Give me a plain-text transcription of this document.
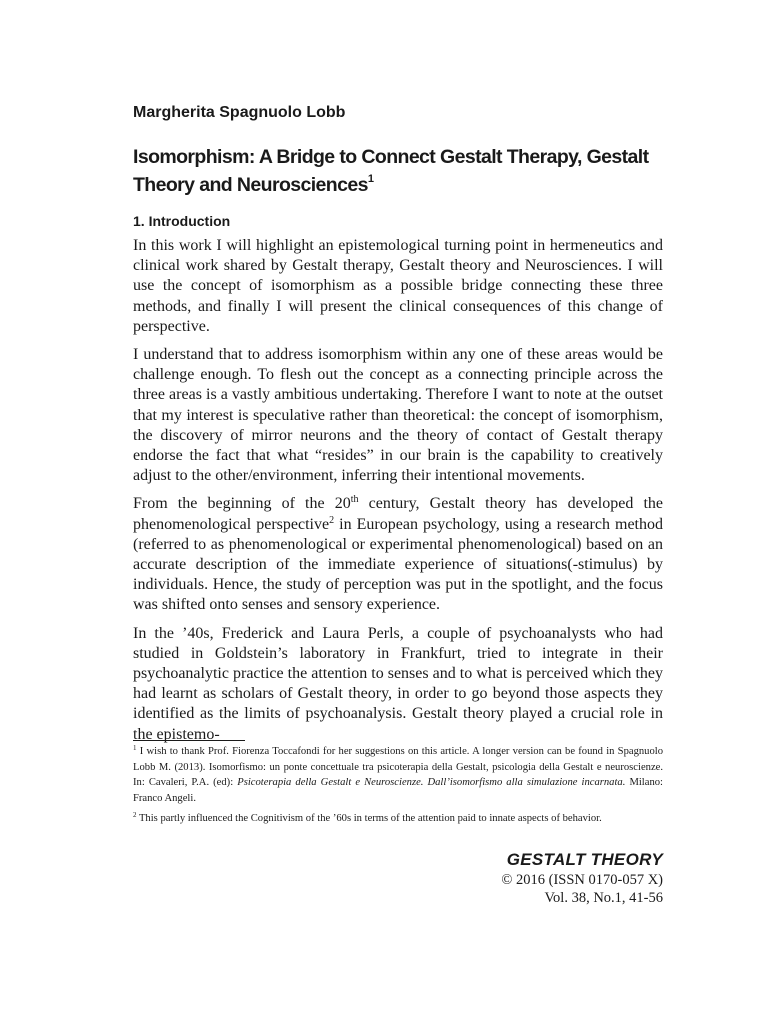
Margherita Spagnuolo Lobb
Isomorphism: A Bridge to Connect Gestalt Therapy, Gestalt Theory and Neurosciences$^1$
1. Introduction

In this work I will highlight an epistemological turning point in hermeneutics and clinical work shared by Gestalt therapy, Gestalt theory and Neurosciences. I will use the concept of isomorphism as a possible bridge connecting these three methods, and finally I will present the clinical consequences of this change of perspective.

I understand that to address isomorphism within any one of these areas would be challenge enough. To flesh out the concept as a connecting principle across the three areas is a vastly ambitious undertaking. Therefore I want to note at the outset that my interest is speculative rather than theoretical: the concept of isomorphism, the discovery of mirror neurons and the theory of contact of Gestalt therapy endorse the fact that what “resides” in our brain is the capability to creatively adjust to the other/environment, inferring their intentional movements.

From the beginning of the 20th century, Gestalt theory has developed the phenomenological perspective$^2$ in European psychology, using a research method (referred to as phenomenological or experimental phenomenological) based on an accurate description of the immediate experience of situations(-stimulus) by individuals. Hence, the study of perception was put in the spotlight, and the focus was shifted onto senses and sensory experience.

In the ’40s, Frederick and Laura Perls, a couple of psychoanalysts who had studied in Goldstein’s laboratory in Frankfurt, tried to integrate in their psychoanalytic practice the attention to senses and to what is perceived which they had learnt as scholars of Gestalt theory, in order to go beyond those aspects they identified as the limits of psychoanalysis. Gestalt theory played a crucial role in the epistemo-

$^1$ I wish to thank Prof. Fiorenza Toccafondi for her suggestions on this article. A longer version can be found in Spagnuolo Lobb M. (2013). Isomorfismo: un ponte concettuale tra psicoterapia della Gestalt, psicologia della Gestalt e neuroscienze. In: Cavaleri, P.A. (ed): Psicoterapia della Gestalt e Neuroscienze. Dall’isomorfismo alla simulazione incarnata. Milano: Franco Angeli.

$^2$ This partly influenced the Cognitivism of the ’60s in terms of the attention paid to innate aspects of behavior.

GESTALT THEORY
© 2016 (ISSN 0170-057 X)
Vol. 38, No.1, 41-56
